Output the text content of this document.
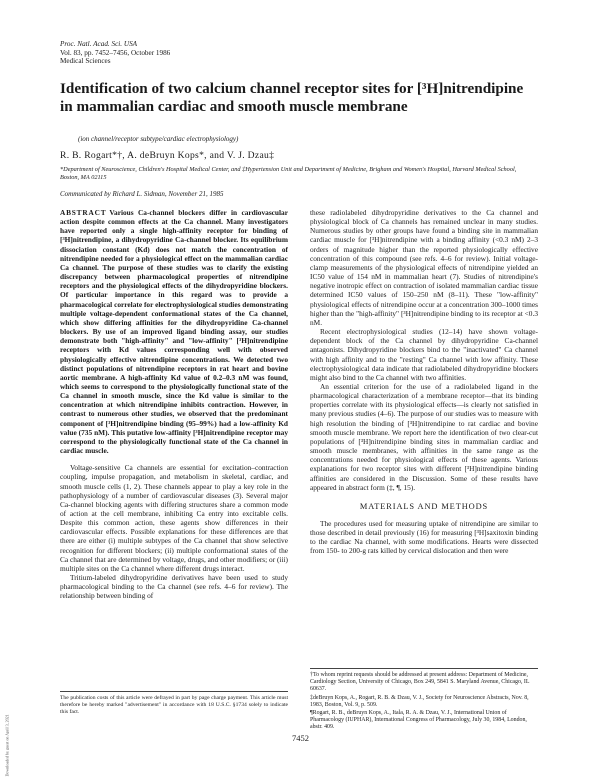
Proc. Natl. Acad. Sci. USA
Vol. 83, pp. 7452–7456, October 1986
Medical Sciences
Identification of two calcium channel receptor sites for [³H]nitrendipine in mammalian cardiac and smooth muscle membrane
(ion channel/receptor subtype/cardiac electrophysiology)
R. B. Rogart*†, A. deBruyn Kops*, and V. J. Dzau‡
*Department of Neuroscience, Children's Hospital Medical Center, and ‡Hypertension Unit and Department of Medicine, Brigham and Women's Hospital, Harvard Medical School, Boston, MA 02115
Communicated by Richard L. Sidman, November 21, 1985

ABSTRACT Various Ca-channel blockers differ in cardiovascular action despite common effects at the Ca channel. Many investigators have reported only a single high-affinity receptor for binding of [³H]nitrendipine, a dihydropyridine Ca-channel blocker. Its equilibrium dissociation constant (Kd) does not match the concentration of nitrendipine needed for a physiological effect on the mammalian cardiac Ca channel. The purpose of these studies was to clarify the existing discrepancy between pharmacological properties of nitrendipine receptors and the physiological effects of the dihydropyridine blockers. Of particular importance in this regard was to provide a pharmacological correlate for electrophysiological studies demonstrating multiple voltage-dependent conformational states of the Ca channel, which show differing affinities for the dihydropyridine Ca-channel blockers. By use of an improved ligand binding assay, our studies demonstrate both "high-affinity" and "low-affinity" [³H]nitrendipine receptors with Kd values corresponding well with observed physiologically effective nitrendipine concentrations. We detected two distinct populations of nitrendipine receptors in rat heart and bovine aortic membrane. A high-affinity Kd value of 0.2–0.3 nM was found, which seems to correspond to the physiologically functional state of the Ca channel in smooth muscle, since the Kd value is similar to the concentration at which nitrendipine inhibits contraction. However, in contrast to numerous other studies, we observed that the predominant component of [³H]nitrendipine binding (95–99%) had a low-affinity Kd value (735 nM). This putative low-affinity [³H]nitrendipine receptor may correspond to the physiologically functional state of the Ca channel in cardiac muscle.

Voltage-sensitive Ca channels are essential for excitation–contraction coupling, impulse propagation, and metabolism in skeletal, cardiac, and smooth muscle cells (1, 2). These channels appear to play a key role in the pathophysiology of a number of cardiovascular diseases (3). Several major Ca-channel blocking agents with differing structures share a common mode of action at the cell membrane, inhibiting Ca entry into excitable cells. Despite this common action, these agents show differences in their cardiovascular effects. Possible explanations for these differences are that there are either (i) multiple subtypes of the Ca channel that show selective recognition for different blockers; (ii) multiple conformational states of the Ca channel that are determined by voltage, drugs, and other modifiers; or (iii) multiple sites on the Ca channel where different drugs interact.

Tritium-labeled dihydropyridine derivatives have been used to study pharmacological binding to the Ca channel (see refs. 4–6 for review). The relationship between binding of

these radiolabeled dihydropyridine derivatives to the Ca channel and physiological block of Ca channels has remained unclear in many studies. Numerous studies by other groups have found a binding site in mammalian cardiac muscle for [³H]nitrendipine with a binding affinity (<0.3 nM) 2–3 orders of magnitude higher than the reported physiologically effective concentration of this compound (see refs. 4–6 for review). Initial voltage-clamp measurements of the physiological effects of nitrendipine yielded an IC50 value of 154 nM in mammalian heart (7). Studies of nitrendipine's negative inotropic effect on contraction of isolated mammalian cardiac tissue determined IC50 values of 150–250 nM (8–11). These "low-affinity" physiological effects of nitrendipine occur at a concentration 300–1000 times higher than the "high-affinity" [³H]nitrendipine binding to its receptor at <0.3 nM.

Recent electrophysiological studies (12–14) have shown voltage-dependent block of the Ca channel by dihydropyridine Ca-channel antagonists. Dihydropyridine blockers bind to the "inactivated" Ca channel with high affinity and to the "resting" Ca channel with low affinity. These electrophysiological data indicate that radiolabeled dihydropyridine blockers might also bind to the Ca channel with two affinities.

An essential criterion for the use of a radiolabeled ligand in the pharmacological characterization of a membrane receptor—that its binding properties correlate with its physiological effects—is clearly not satisfied in many previous studies (4–6). The purpose of our studies was to measure with high resolution the binding of [³H]nitrendipine to rat cardiac and bovine smooth muscle membrane. We report here the identification of two clear-cut populations of [³H]nitrendipine binding sites in mammalian cardiac and smooth muscle membranes, with affinities in the same range as the concentrations needed for physiological effects of these agents. Various explanations for two receptor sites with different [³H]nitrendipine binding affinities are considered in the Discussion. Some of these results have appeared in abstract form (‡, ¶, 15).

MATERIALS AND METHODS

The procedures used for measuring uptake of nitrendipine are similar to those described in detail previously (16) for measuring [³H]saxitoxin binding to the cardiac Na channel, with some modifications. Hearts were dissected from 150- to 200-g rats killed by cervical dislocation and then were

The publication costs of this article were defrayed in part by page charge payment. This article must therefore be hereby marked "advertisement" in accordance with 18 U.S.C. §1734 solely to indicate this fact.
†To whom reprint requests should be addressed at present address: Department of Medicine, Cardiology Section, University of Chicago, Box 249, 5841 S. Maryland Avenue, Chicago, IL 60637.
‡deBruyn Kops, A., Rogart, R. B. & Dzau, V. J., Society for Neuroscience Abstracts, Nov. 8, 1983, Boston, Vol. 9, p. 509.
¶Rogart, R. B., deBruyn Kops, A., Itala, R. A. & Dzau, V. J., International Union of Pharmacology (IUPHAR), International Congress of Pharmacology, July 30, 1984, London, abstr. 409.
7452
Downloaded by guest on April 3, 2021
